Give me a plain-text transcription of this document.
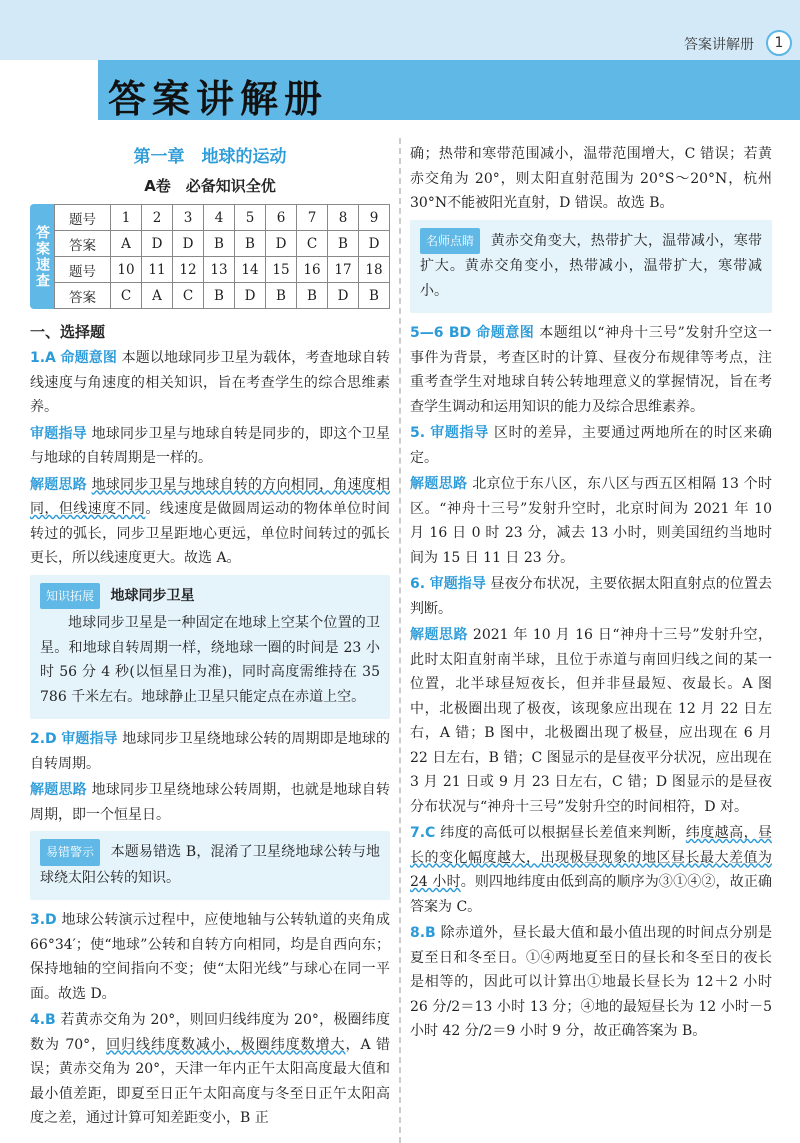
答案讲解册	1
答案讲解册
第一章　地球的运动
A卷　必备知识全优
答案速查
题号	1	2	3	4	5	6	7	8	9
答案	A	D	D	B	B	D	C	B	D
题号	10	11	12	13	14	15	16	17	18
答案	C	A	C	B	D	B	B	D	B
一、选择题

1.A 命题意图 本题以地球同步卫星为载体，考查地球自转线速度与角速度的相关知识，旨在考查学生的综合思维素养。

审题指导 地球同步卫星与地球自转是同步的，即这个卫星与地球的自转周期是一样的。

解题思路 地球同步卫星与地球自转的方向相同，角速度相同，但线速度不同。线速度是做圆周运动的物体单位时间转过的弧长，同步卫星距地心更远，单位时间转过的弧长更长，所以线速度更大。故选 A。

知识拓展 地球同步卫星

地球同步卫星是一种固定在地球上空某个位置的卫星。和地球自转周期一样，绕地球一圈的时间是 23 小时 56 分 4 秒(以恒星日为准)，同时高度需维持在 35 786 千米左右。地球静止卫星只能定点在赤道上空。

2.D 审题指导 地球同步卫星绕地球公转的周期即是地球的自转周期。

解题思路 地球同步卫星绕地球公转周期，也就是地球自转周期，即一个恒星日。

易错警示 本题易错选 B，混淆了卫星绕地球公转与地球绕太阳公转的知识。

3.D 地球公转演示过程中，应使地轴与公转轨道的夹角成 66°34′；使“地球”公转和自转方向相同，均是自西向东；保持地轴的空间指向不变；使“太阳光线”与球心在同一平面。故选 D。

4.B 若黄赤交角为 20°，则回归线纬度为 20°，极圈纬度数为 70°，回归线纬度数减小，极圈纬度数增大，A 错误；黄赤交角为 20°，天津一年内正午太阳高度最大值和最小值差距，即夏至日正午太阳高度与冬至日正午太阳高度之差，通过计算可知差距变小，B 正

确；热带和寒带范围减小，温带范围增大，C 错误；若黄赤交角为 20°，则太阳直射范围为 20°S～20°N，杭州30°N不能被阳光直射，D 错误。故选 B。

名师点睛 黄赤交角变大，热带扩大，温带减小，寒带扩大。黄赤交角变小，热带减小，温带扩大，寒带减小。

5—6 BD 命题意图 本题组以“神舟十三号”发射升空这一事件为背景，考查区时的计算、昼夜分布规律等考点，注重考查学生对地球自转公转地理意义的掌握情况，旨在考查学生调动和运用知识的能力及综合思维素养。

5. 审题指导 区时的差异，主要通过两地所在的时区来确定。

解题思路 北京位于东八区，东八区与西五区相隔 13 个时区。“神舟十三号”发射升空时，北京时间为 2021 年 10 月 16 日 0 时 23 分，减去 13 小时，则美国纽约当地时间为 15 日 11 日 23 分。

6. 审题指导 昼夜分布状况，主要依据太阳直射点的位置去判断。

解题思路 2021 年 10 月 16 日“神舟十三号”发射升空，此时太阳直射南半球，且位于赤道与南回归线之间的某一位置，北半球昼短夜长，但并非昼最短、夜最长。A 图中，北极圈出现了极夜，该现象应出现在 12 月 22 日左右，A 错；B 图中，北极圈出现了极昼，应出现在 6 月 22 日左右，B 错；C 图显示的是昼夜平分状况，应出现在 3 月 21 日或 9 月 23 日左右，C 错；D 图显示的是昼夜分布状况与“神舟十三号”发射升空的时间相符，D 对。

7.C 纬度的高低可以根据昼长差值来判断，纬度越高，昼长的变化幅度越大，出现极昼现象的地区昼长最大差值为 24 小时。则四地纬度由低到高的顺序为③①④②，故正确答案为 C。

8.B 除赤道外，昼长最大值和最小值出现的时间点分别是夏至日和冬至日。①④两地夏至日的昼长和冬至日的夜长是相等的，因此可以计算出①地最长昼长为 12＋2 小时 26 分/2＝13 小时 13 分；④地的最短昼长为 12 小时－5 小时 42 分/2＝9 小时 9 分，故正确答案为 B。
